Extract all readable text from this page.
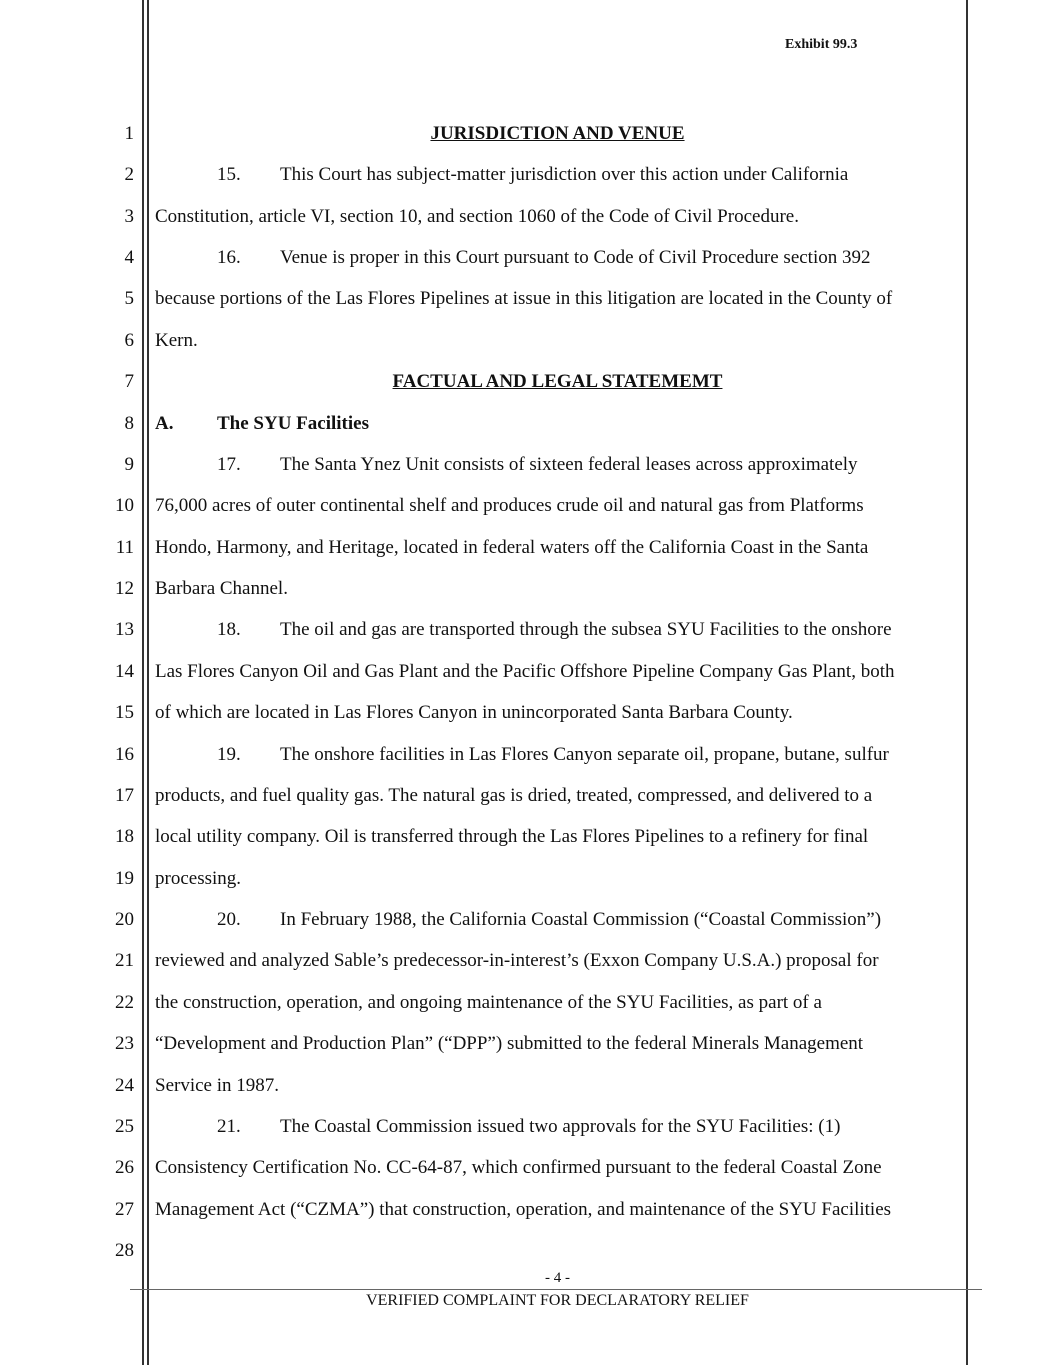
Exhibit 99.3
1
2
3
4
5
6
7
8
9
10
11
12
13
14
15
16
17
18
19
20
21
22
23
24
25
26
27
28
JURISDICTION AND VENUE
15. This Court has subject-matter jurisdiction over this action under California
Constitution, article VI, section 10, and section 1060 of the Code of Civil Procedure.
16. Venue is proper in this Court pursuant to Code of Civil Procedure section 392
because portions of the Las Flores Pipelines at issue in this litigation are located in the County of
Kern.
FACTUAL AND LEGAL STATEMEMT
A. The SYU Facilities
17. The Santa Ynez Unit consists of sixteen federal leases across approximately
76,000 acres of outer continental shelf and produces crude oil and natural gas from Platforms
Hondo, Harmony, and Heritage, located in federal waters off the California Coast in the Santa
Barbara Channel.
18. The oil and gas are transported through the subsea SYU Facilities to the onshore
Las Flores Canyon Oil and Gas Plant and the Pacific Offshore Pipeline Company Gas Plant, both
of which are located in Las Flores Canyon in unincorporated Santa Barbara County.
19. The onshore facilities in Las Flores Canyon separate oil, propane, butane, sulfur
products, and fuel quality gas. The natural gas is dried, treated, compressed, and delivered to a
local utility company. Oil is transferred through the Las Flores Pipelines to a refinery for final
processing.
20. In February 1988, the California Coastal Commission (“Coastal Commission”)
reviewed and analyzed Sable’s predecessor-in-interest’s (Exxon Company U.S.A.) proposal for
the construction, operation, and ongoing maintenance of the SYU Facilities, as part of a
“Development and Production Plan” (“DPP”) submitted to the federal Minerals Management
Service in 1987.
21. The Coastal Commission issued two approvals for the SYU Facilities: (1)
Consistency Certification No. CC-64-87, which confirmed pursuant to the federal Coastal Zone
Management Act (“CZMA”) that construction, operation, and maintenance of the SYU Facilities
- 4 -
VERIFIED COMPLAINT FOR DECLARATORY RELIEF
